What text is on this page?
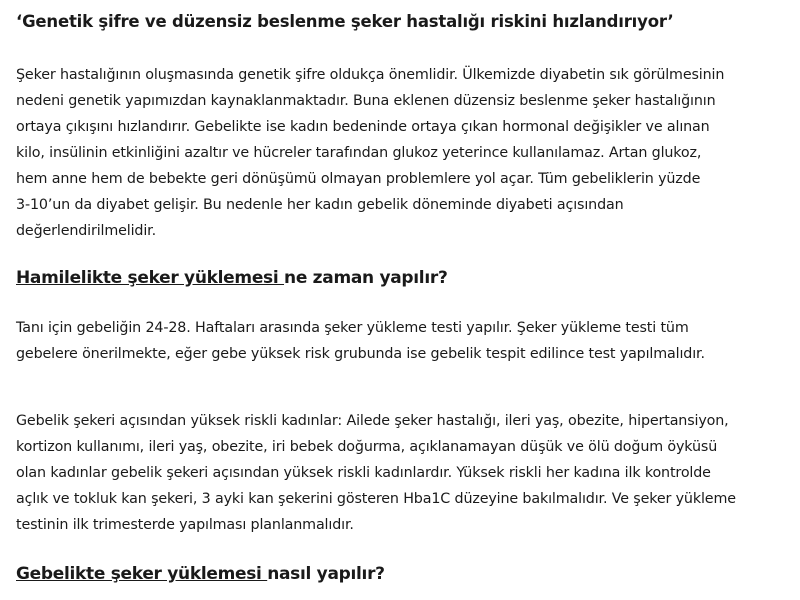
‘Genetik şifre ve düzensiz beslenme şeker hastalığı riskini hızlandırıyor’

Şeker hastalığının oluşmasında genetik şifre oldukça önemlidir. Ülkemizde diyabetin sık görülmesinin
nedeni genetik yapımızdan kaynaklanmaktadır. Buna eklenen düzensiz beslenme şeker hastalığının
ortaya çıkışını hızlandırır. Gebelikte ise kadın bedeninde ortaya çıkan hormonal değişikler ve alınan
kilo, insülinin etkinliğini azaltır ve hücreler tarafından glukoz yeterince kullanılamaz. Artan glukoz,
hem anne hem de bebekte geri dönüşümü olmayan problemlere yol açar. Tüm gebeliklerin yüzde
3-10’un da diyabet gelişir. Bu nedenle her kadın gebelik döneminde diyabeti açısından
değerlendirilmelidir.

Hamilelikte şeker yüklemesi ne zaman yapılır?

Tanı için gebeliğin 24-28. Haftaları arasında şeker yükleme testi yapılır. Şeker yükleme testi tüm
gebelere önerilmekte, eğer gebe yüksek risk grubunda ise gebelik tespit edilince test yapılmalıdır.

Gebelik şekeri açısından yüksek riskli kadınlar: Ailede şeker hastalığı, ileri yaş, obezite, hipertansiyon,
kortizon kullanımı, ileri yaş, obezite, iri bebek doğurma, açıklanamayan düşük ve ölü doğum öyküsü
olan kadınlar gebelik şekeri açısından yüksek riskli kadınlardır. Yüksek riskli her kadına ilk kontrolde
açlık ve tokluk kan şekeri, 3 ayki kan şekerini gösteren Hba1C düzeyine bakılmalıdır. Ve şeker yükleme
testinin ilk trimesterde yapılması planlanmalıdır.

Gebelikte şeker yüklemesi nasıl yapılır?
